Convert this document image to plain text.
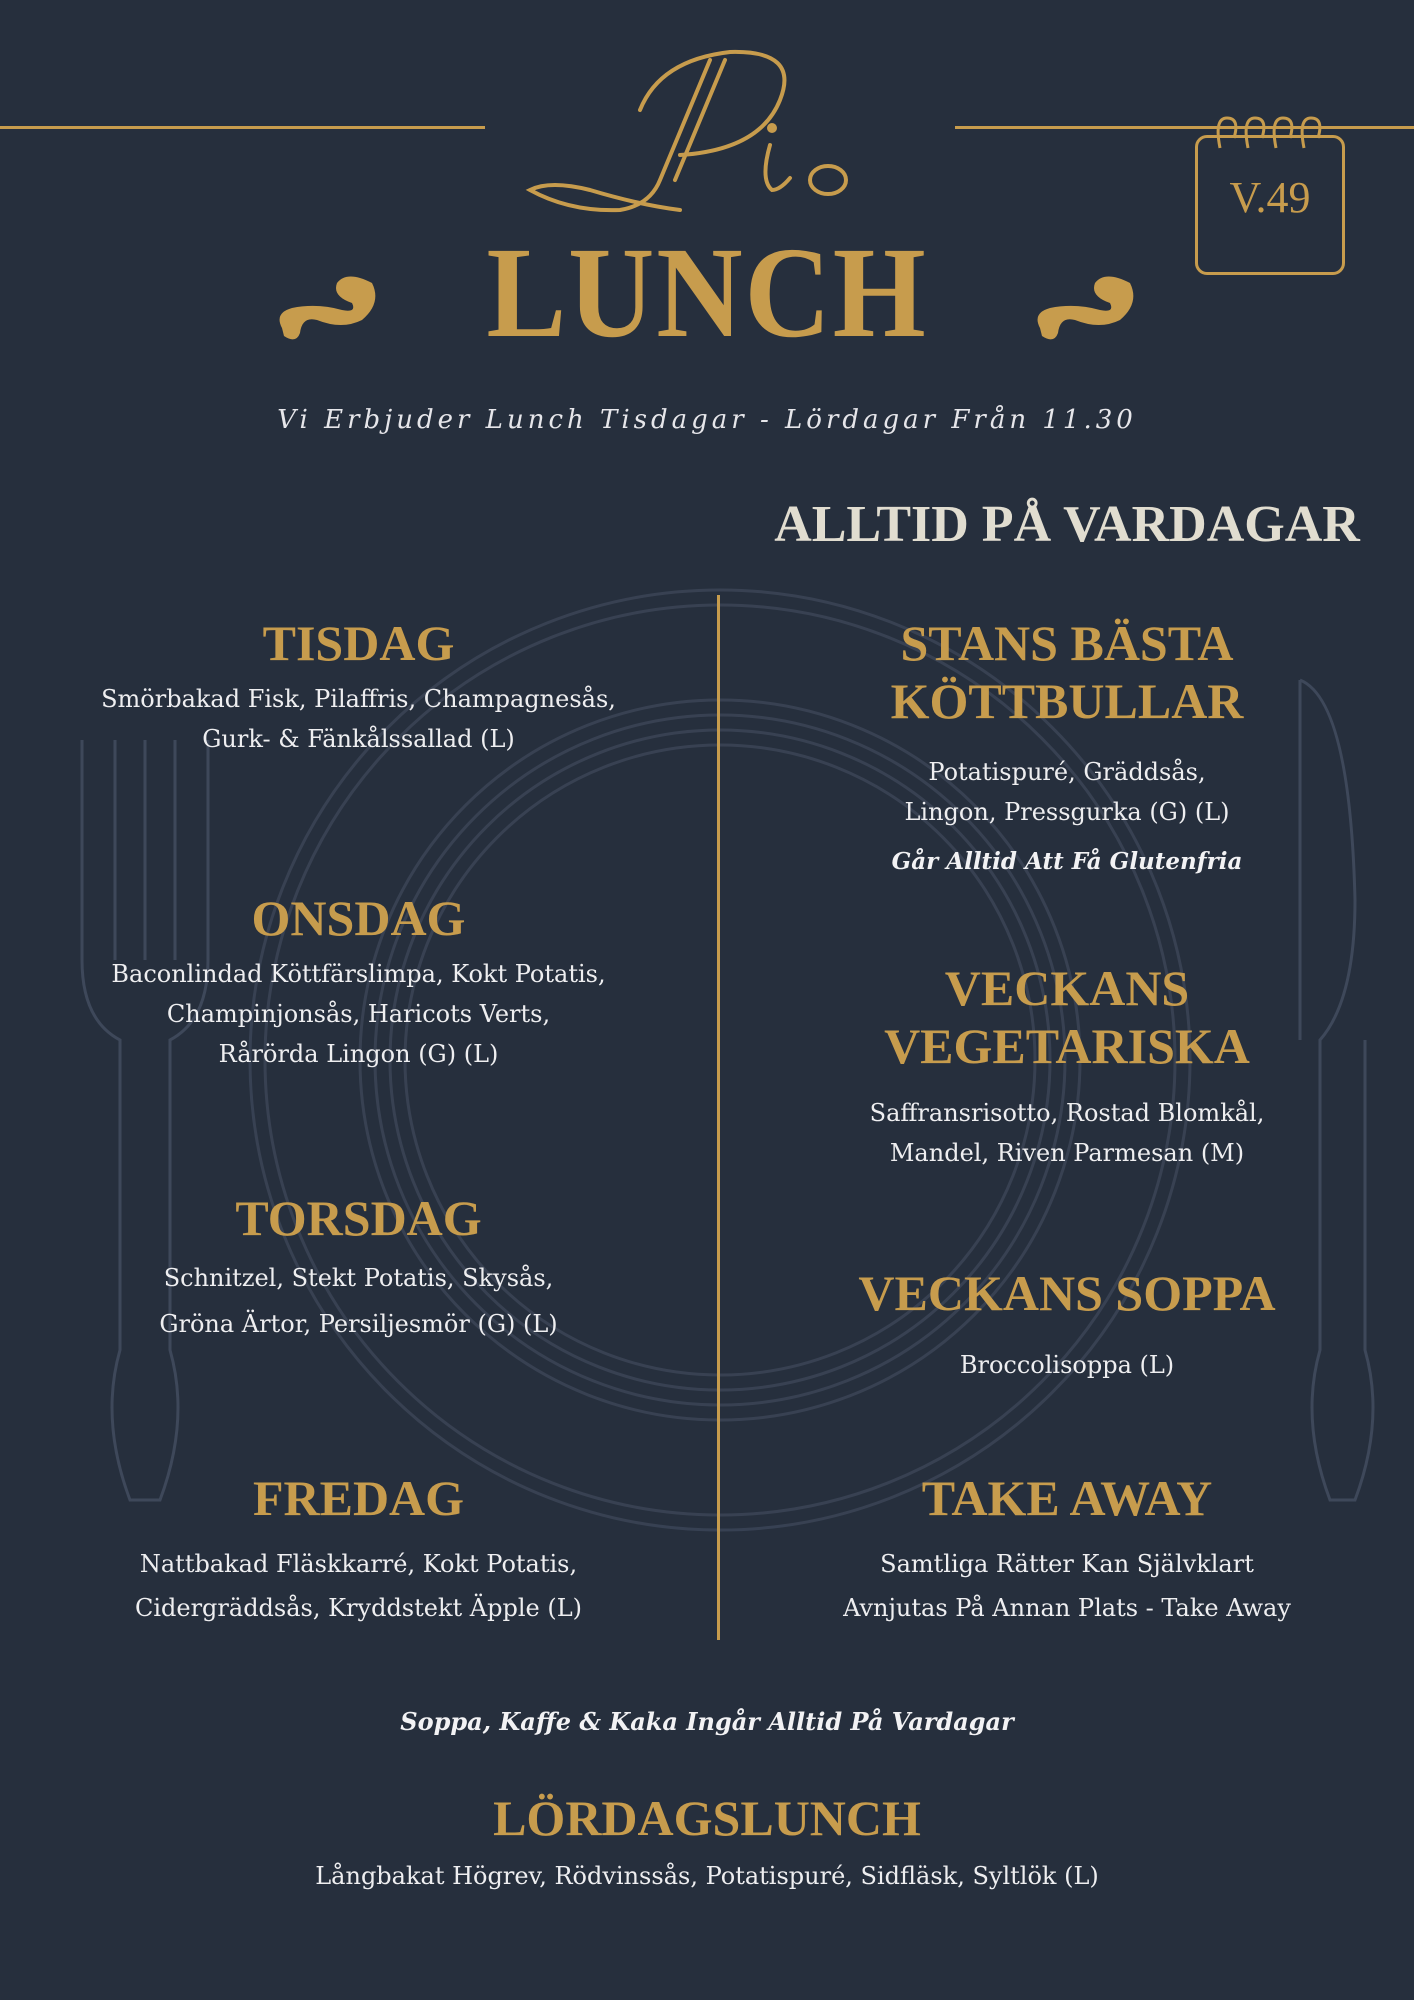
Pio
V.49
LUNCH
Vi Erbjuder Lunch Tisdagar - Lördagar Från 11.30
ALLTID PÅ VARDAGAR
TISDAG
Smörbakad Fisk, Pilaffris, Champagnesås,
Gurk- & Fänkålssallad (L)
ONSDAG
Baconlindad Köttfärslimpa, Kokt Potatis,
Champinjonsås, Haricots Verts,
Rårörda Lingon (G) (L)
TORSDAG
Schnitzel, Stekt Potatis, Skysås,
Gröna Ärtor, Persiljesmör (G) (L)
FREDAG
Nattbakad Fläskkarré, Kokt Potatis,
Cidergräddsås, Kryddstekt Äpple (L)
STANS BÄSTA
KÖTTBULLAR
Potatispuré, Gräddsås,
Lingon, Pressgurka (G) (L)
Går Alltid Att Få Glutenfria
VECKANS
VEGETARISKA
Saffransrisotto, Rostad Blomkål,
Mandel, Riven Parmesan (M)
VECKANS SOPPA
Broccolisoppa (L)
TAKE AWAY
Samtliga Rätter Kan Självklart
Avnjutas På Annan Plats - Take Away
Soppa, Kaffe & Kaka Ingår Alltid På Vardagar
LÖRDAGSLUNCH
Långbakat Högrev, Rödvinssås, Potatispuré, Sidfläsk, Syltlök (L)
